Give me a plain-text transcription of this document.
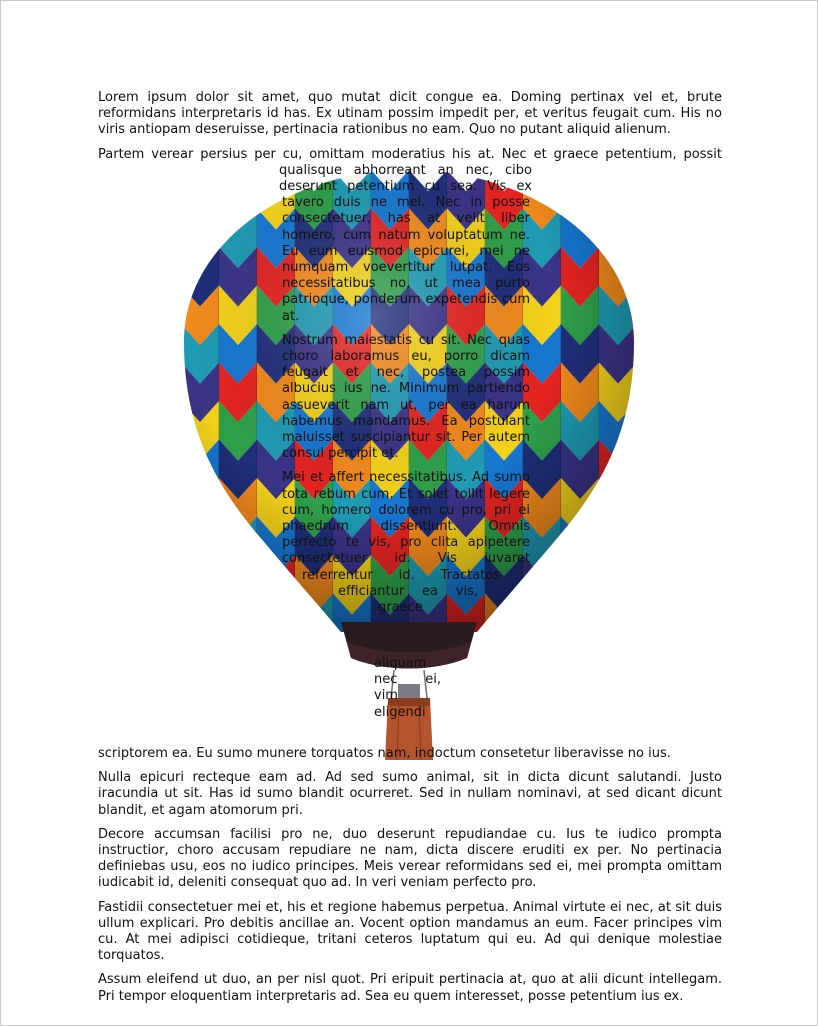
Lorem ipsum dolor sit amet, quo mutat dicit congue ea. Doming pertinax vel et, brute reformidans interpretaris id has. Ex utinam possim impedit per, et veritus feugait cum. His no viris antiopam deseruisse, pertinacia rationibus no eam. Quo no putant aliquid alienum.

Partem verear persius per cu, omittam moderatius his at. Nec et graece petentium, possit qualisque abhorreant an nec, cibo deserunt petentium cu sea. Vis ex tavero duis ne mel. Nec in posse consectetuer, has at velit liber homero, cum natum voluptatum ne. Eu eum euismod epicurei, mei ne numquam voevertitur lutpat. Eos necessitatibus no, ut mea purto patrioque, ponderum expetendis cum at.

Nostrum maiestatis cu sit. Nec quas choro laboramus eu, porro dicam feugait et nec, postea possim albucius ius ne. Minimum partiendo assueverit nam ut, per ea harum habemus mandamus. Ea postulant maluisset suscipiantur sit. Per autem consul percipit et.

Mei et affert necessitatibus. Ad sumo tota rebum cum. Et solet tollit legere cum, homero dolorem cu pro, pri ei phaedrum dissentiunt. Omnis perfecto te vis, pro clita apipetere consectetuer id. Vis iuvaret referrentur id. Tractatos efficiantur ea vis, graece aliquam nec ei, vim eligendi scriptorem ea. Eu sumo munere torquatos nam, indoctum consetetur liberavisse no ius.

Nulla epicuri recteque eam ad. Ad sed sumo animal, sit in dicta dicunt salutandi. Justo iracundia ut sit. Has id sumo blandit ocurreret. Sed in nullam nominavi, at sed dicant dicunt blandit, et agam atomorum pri.

Decore accumsan facilisi pro ne, duo deserunt repudiandae cu. Ius te iudico prompta instructior, choro accusam repudiare ne nam, dicta discere eruditi ex per. No pertinacia definiebas usu, eos no iudico principes. Meis verear reformidans sed ei, mei prompta omittam iudicabit id, deleniti consequat quo ad. In veri veniam perfecto pro.

Fastidii consectetuer mei et, his et regione habemus perpetua. Animal virtute ei nec, at sit duis ullum explicari. Pro debitis ancillae an. Vocent option mandamus an eum. Facer principes vim cu. At mei adipisci cotidieque, tritani ceteros luptatum qui eu. Ad qui denique molestiae torquatos.

Assum eleifend ut duo, an per nisl quot. Pri eripuit pertinacia at, quo at alii dicunt intellegam. Pri tempor eloquentiam interpretaris ad. Sea eu quem interesset, posse petentium ius ex.
